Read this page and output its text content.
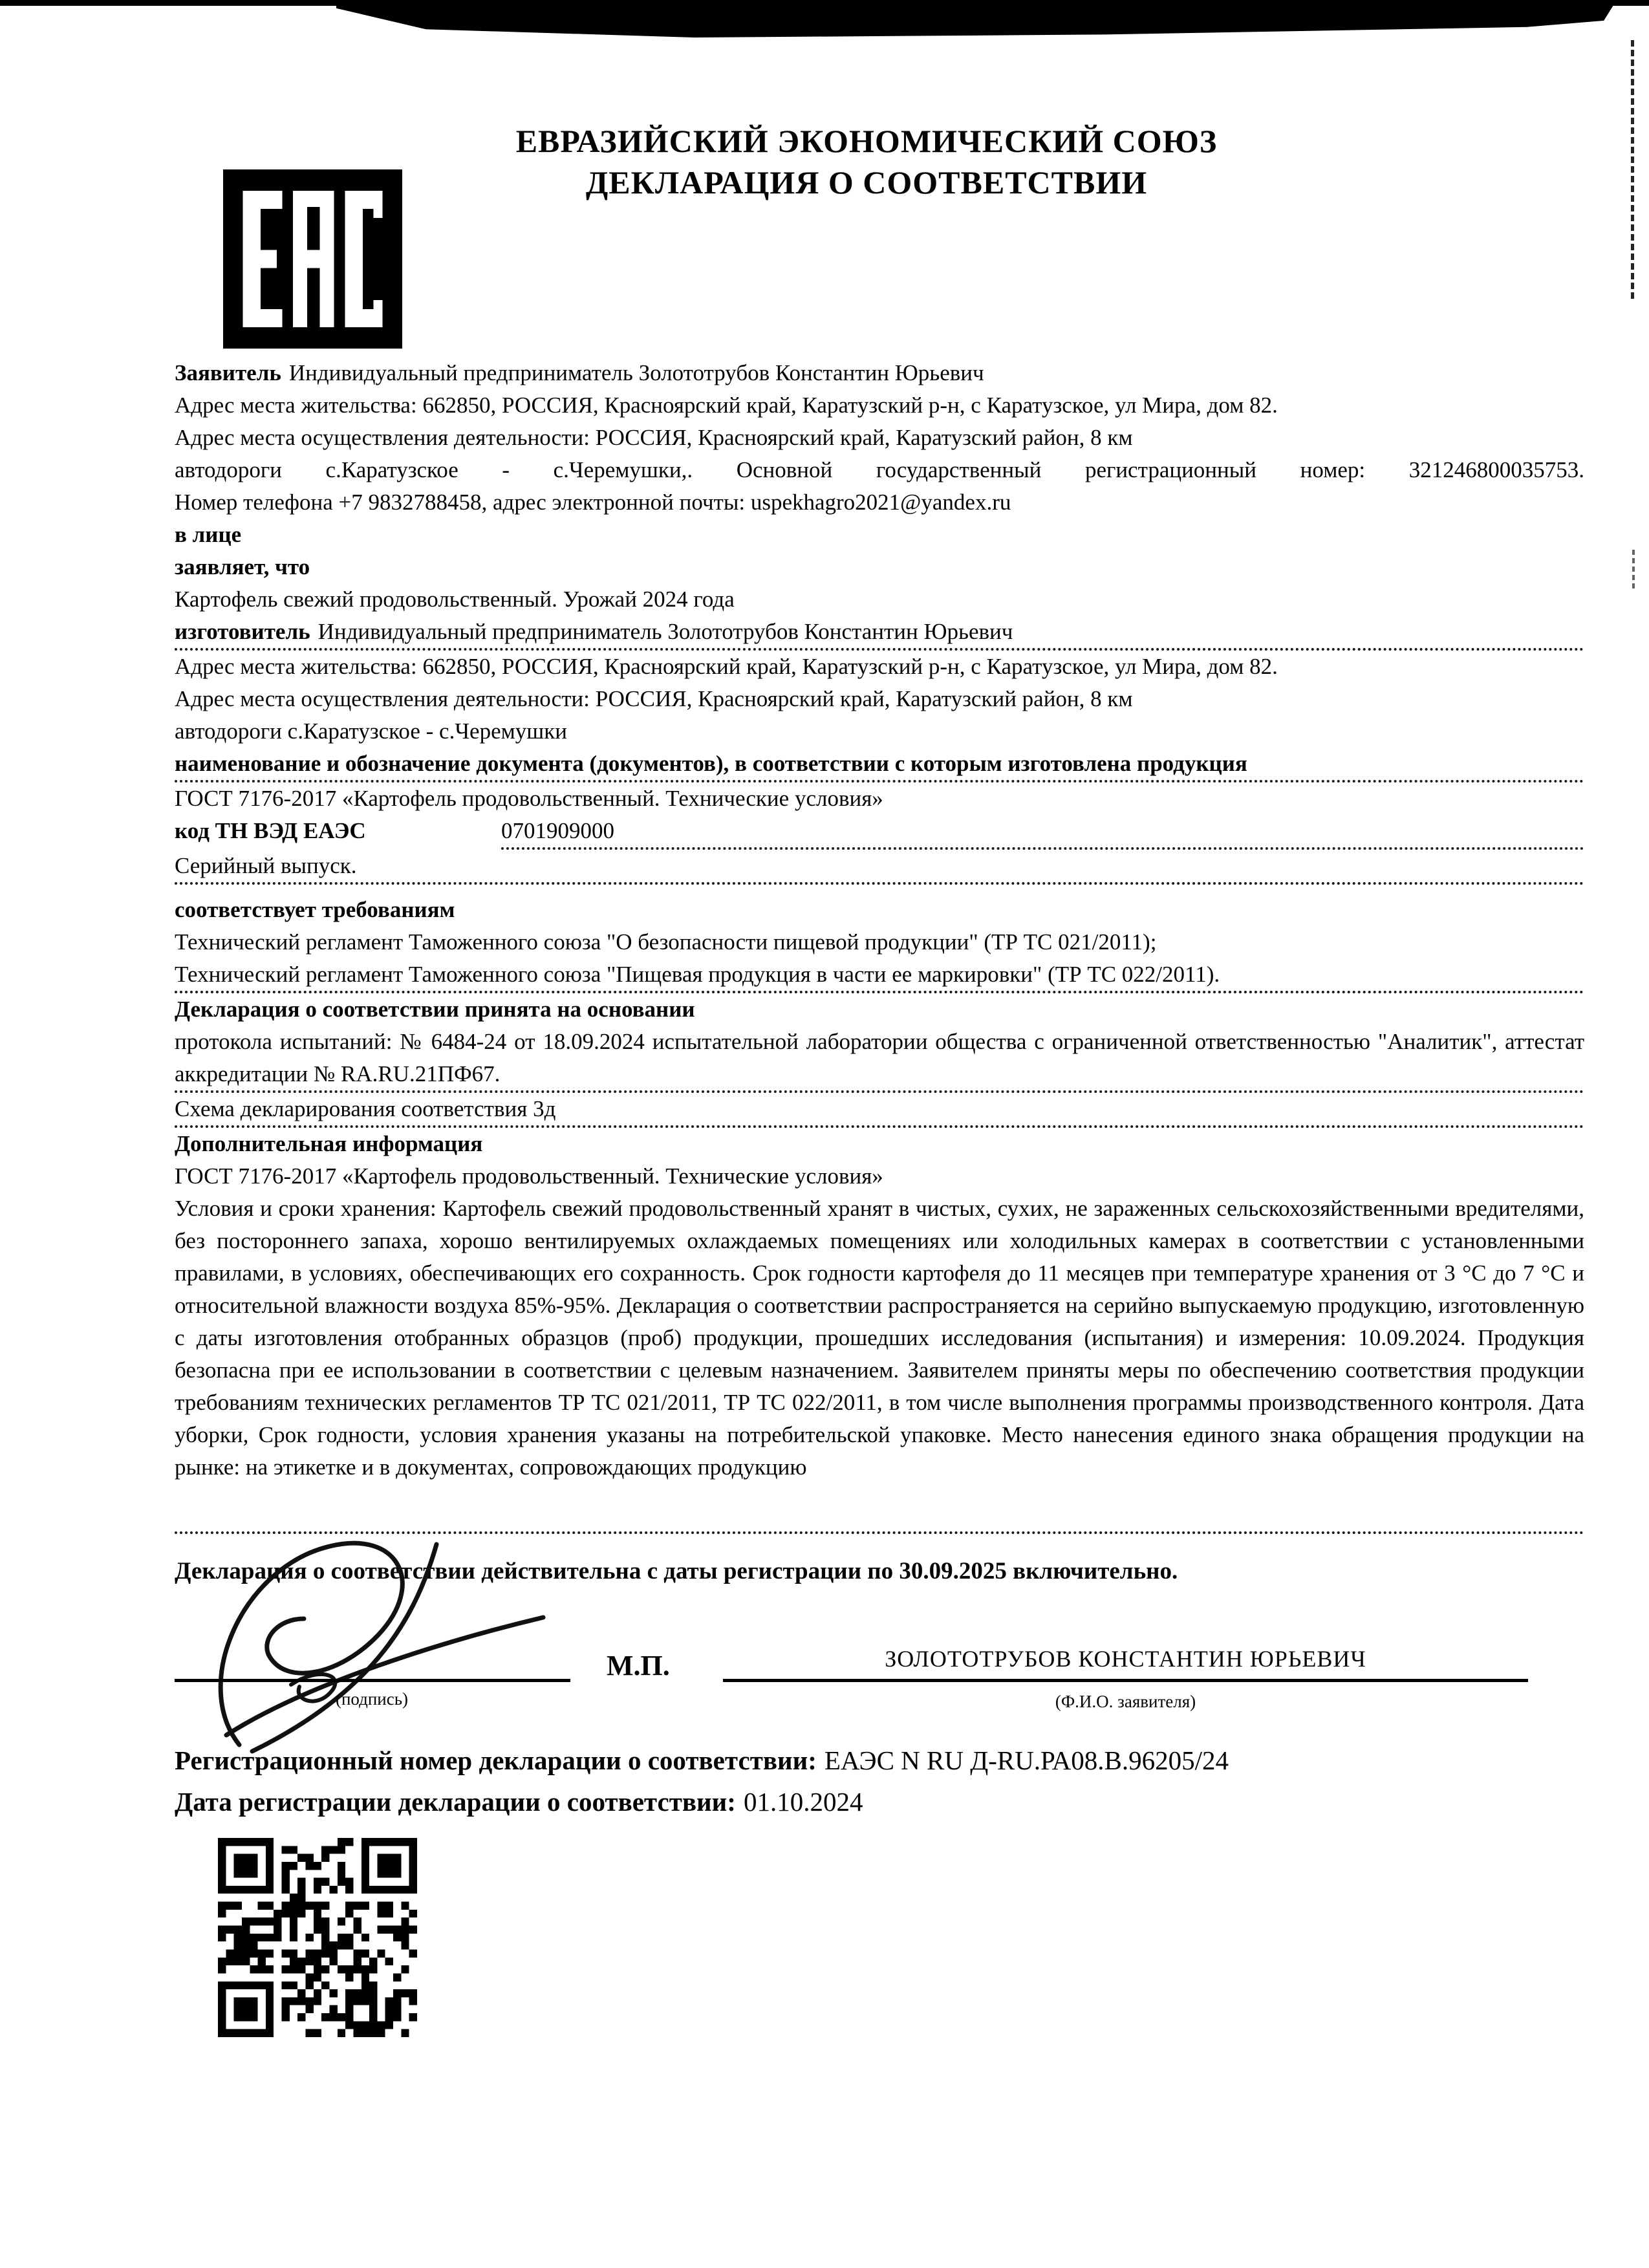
ЕВРАЗИЙСКИЙ ЭКОНОМИЧЕСКИЙ СОЮЗ
ДЕКЛАРАЦИЯ О СООТВЕТСТВИИ
Заявитель Индивидуальный предприниматель Золототрубов Константин Юрьевич
Адрес места жительства: 662850, РОССИЯ, Красноярский край, Каратузский р-н, с Каратузское, ул Мира, дом 82.
Адрес места осуществления деятельности: РОССИЯ, Красноярский край, Каратузский район, 8 км
автодороги с.Каратузское - с.Черемушки,. Основной государственный регистрационный номер: 321246800035753.
Номер телефона +7 9832788458, адрес электронной почты: uspekhagro2021@yandex.ru
в лице
заявляет, что
Картофель свежий продовольственный. Урожай 2024 года
изготовитель Индивидуальный предприниматель Золототрубов Константин Юрьевич
Адрес места жительства: 662850, РОССИЯ, Красноярский край, Каратузский р-н, с Каратузское, ул Мира, дом 82.
Адрес места осуществления деятельности: РОССИЯ, Красноярский край, Каратузский район, 8 км
автодороги с.Каратузское - с.Черемушки
наименование и обозначение документа (документов), в соответствии с которым изготовлена продукция
ГОСТ 7176-2017 «Картофель продовольственный. Технические условия»
код ТН ВЭД ЕАЭС	0701909000
Серийный выпуск.
соответствует требованиям
Технический регламент Таможенного союза "О безопасности пищевой продукции" (ТР ТС 021/2011);
Технический регламент Таможенного союза "Пищевая продукция в части ее маркировки" (ТР ТС 022/2011).
Декларация о соответствии принята на основании
протокола испытаний: № 6484-24 от 18.09.2024 испытательной лаборатории общества с ограниченной ответственностью "Аналитик", аттестат аккредитации № RA.RU.21ПФ67.
Схема декларирования соответствия 3д
Дополнительная информация
ГОСТ 7176-2017 «Картофель продовольственный. Технические условия»
Условия и сроки хранения: Картофель свежий продовольственный хранят в чистых, сухих, не зараженных сельскохозяйственными вредителями, без постороннего запаха, хорошо вентилируемых охлаждаемых помещениях или холодильных камерах в соответствии с установленными правилами, в условиях, обеспечивающих его сохранность. Срок годности картофеля до 11 месяцев при температуре хранения от 3 °С до 7 °С и относительной влажности воздуха 85%-95%. Декларация о соответствии распространяется на серийно выпускаемую продукцию, изготовленную с даты изготовления отобранных образцов (проб) продукции, прошедших исследования (испытания) и измерения: 10.09.2024. Продукция безопасна при ее использовании в соответствии с целевым назначением. Заявителем приняты меры по обеспечению соответствия продукции требованиям технических регламентов ТР ТС 021/2011, ТР ТС 022/2011, в том числе выполнения программы производственного контроля. Дата уборки, Срок годности, условия хранения указаны на потребительской упаковке. Место нанесения единого знака обращения продукции на рынке: на этикетке и в документах, сопровождающих продукцию
Декларация о соответствии действительна с даты регистрации по 30.09.2025 включительно.
(подпись)
М.П.	ЗОЛОТОТРУБОВ КОНСТАНТИН ЮРЬЕВИЧ
(Ф.И.О. заявителя)
Регистрационный номер декларации о соответствии: ЕАЭС N RU Д-RU.РА08.В.96205/24
Дата регистрации декларации о соответствии: 01.10.2024
